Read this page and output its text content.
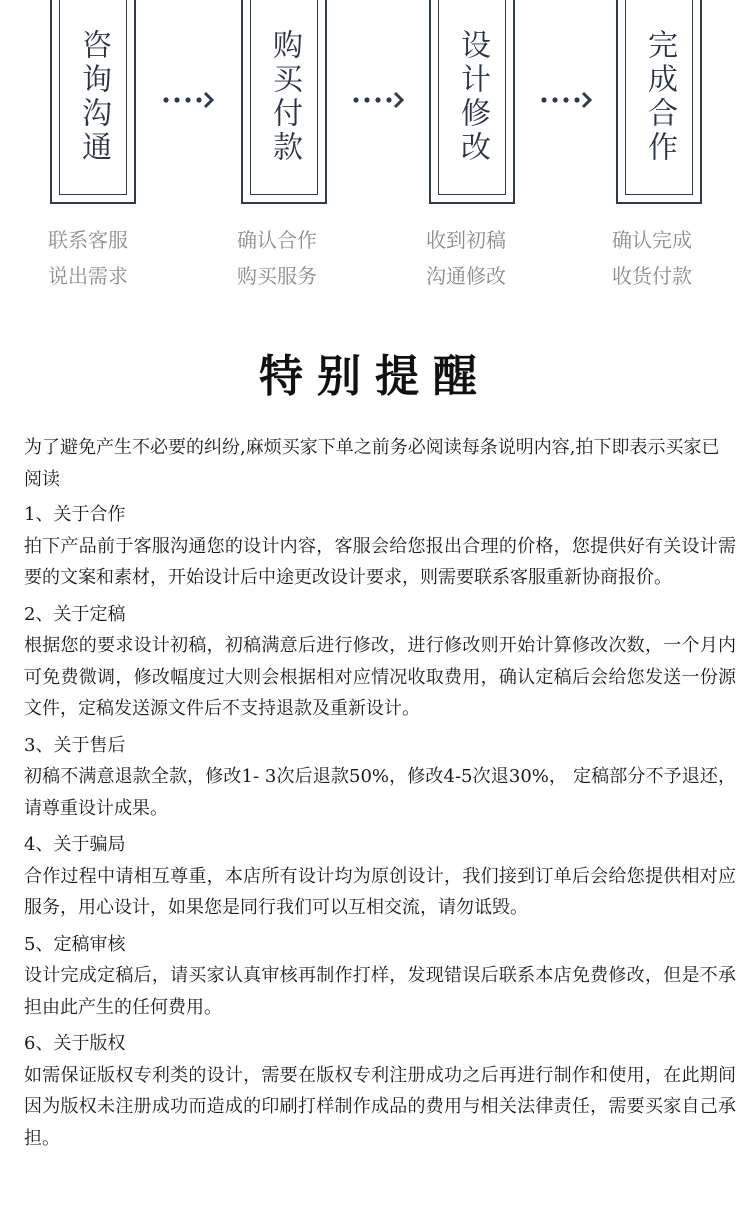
咨询沟通	购买付款	设计修改	完成合作
联系客服
说出需求
确认合作
购买服务
收到初稿
沟通修改
确认完成
收货付款
特别提醒

为了避免产生不必要的纠纷,麻烦买家下单之前务必阅读每条说明内容,拍下即表示买家已阅读

1、关于合作

拍下产品前于客服沟通您的设计内容，客服会给您报出合理的价格，您提供好有关设计需要的文案和素材，开始设计后中途更改设计要求，则需要联系客服重新协商报价。

2、关于定稿

根据您的要求设计初稿，初稿满意后进行修改，进行修改则开始计算修改次数，一个月内可免费微调，修改幅度过大则会根据相对应情况收取费用，确认定稿后会给您发送一份源文件，定稿发送源文件后不支持退款及重新设计。

3、关于售后

初稿不满意退款全款，修改1- 3次后退款50%，修改4-5次退30%， 定稿部分不予退还，请尊重设计成果。

4、关于骗局

合作过程中请相互尊重，本店所有设计均为原创设计，我们接到订单后会给您提供相对应服务，用心设计，如果您是同行我们可以互相交流，请勿诋毁。

5、定稿审核

设计完成定稿后，请买家认真审核再制作打样，发现错误后联系本店免费修改，但是不承担由此产生的任何费用。

6、关于版权

如需保证版权专利类的设计，需要在版权专利注册成功之后再进行制作和使用，在此期间因为版权未注册成功而造成的印刷打样制作成品的费用与相关法律责任，需要买家自己承担。
